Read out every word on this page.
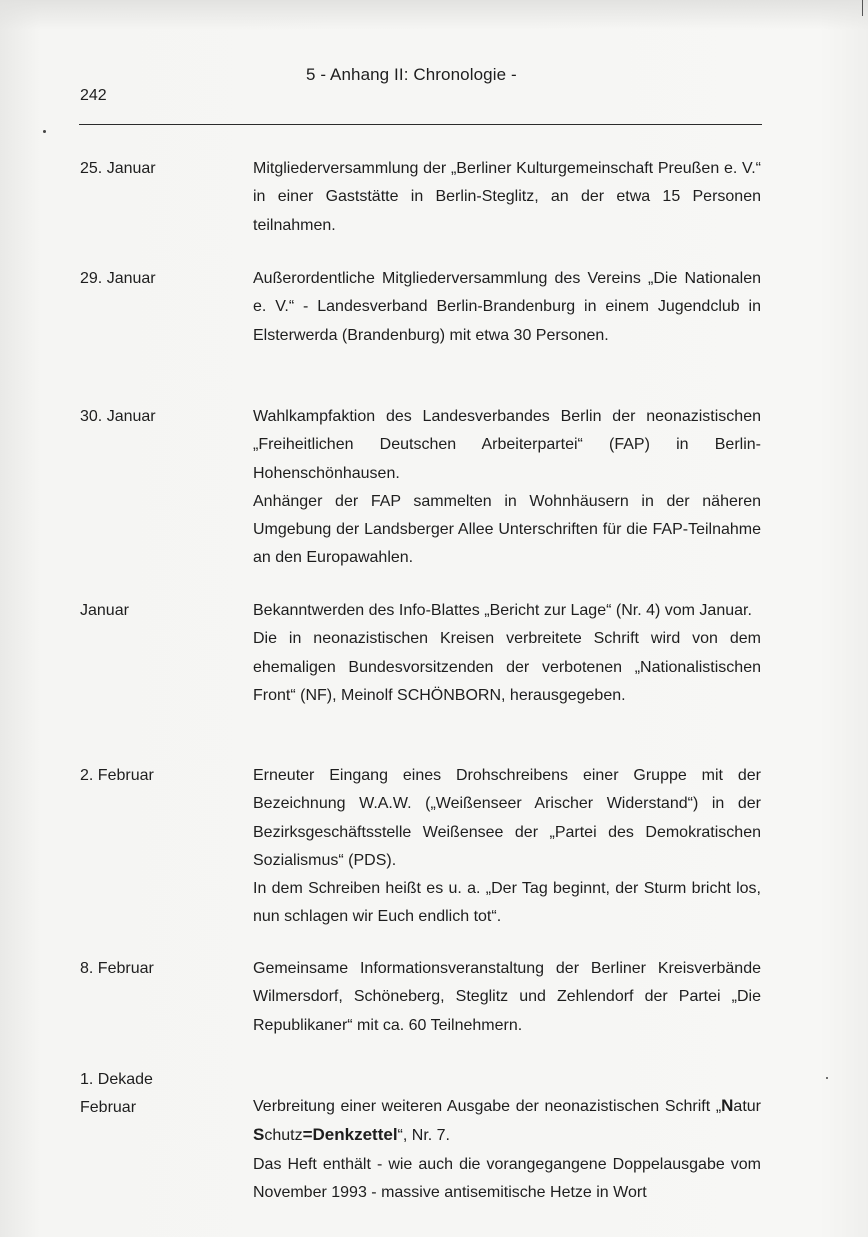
5 - Anhang II: Chronologie -
242
25. Januar	Mitgliederversammlung der „Berliner Kulturgemeinschaft Preußen e. V.“ in einer Gaststätte in Berlin-Steglitz, an der etwa 15 Personen teilnahmen.

29. Januar	Außerordentliche Mitgliederversammlung des Vereins „Die Nationalen e. V.“ - Landesverband Berlin-Brandenburg in einem Jugendclub in Elsterwerda (Brandenburg) mit etwa 30 Personen.

30. Januar	Wahlkampfaktion des Landesverbandes Berlin der neonazistischen „Freiheitlichen Deutschen Arbeiterpartei“ (FAP) in Berlin-Hohenschönhausen.

Anhänger der FAP sammelten in Wohnhäusern in der näheren Umgebung der Landsberger Allee Unterschriften für die FAP-Teilnahme an den Europawahlen.

Januar	Bekanntwerden des Info-Blattes „Bericht zur Lage“ (Nr. 4) vom Januar.

Die in neonazistischen Kreisen verbreitete Schrift wird von dem ehemaligen Bundesvorsitzenden der verbotenen „Nationalistischen Front“ (NF), Meinolf SCHÖNBORN, herausgegeben.

2. Februar	Erneuter Eingang eines Drohschreibens einer Gruppe mit der Bezeichnung W.A.W. („Weißenseer Arischer Widerstand“) in der Bezirksgeschäftsstelle Weißensee der „Partei des Demokratischen Sozialismus“ (PDS).

In dem Schreiben heißt es u. a. „Der Tag beginnt, der Sturm bricht los, nun schlagen wir Euch endlich tot“.

8. Februar	Gemeinsame Informationsveranstaltung der Berliner Kreisverbände Wilmersdorf, Schöneberg, Steglitz und Zehlendorf der Partei „Die Republikaner“ mit ca. 60 Teilnehmern.

1. Dekade
Februar	Verbreitung einer weiteren Ausgabe der neonazistischen Schrift „Natur Schutz=Denkzettel“, Nr. 7.

Das Heft enthält - wie auch die vorangegangene Doppelausgabe vom November 1993 - massive antisemitische Hetze in Wort
